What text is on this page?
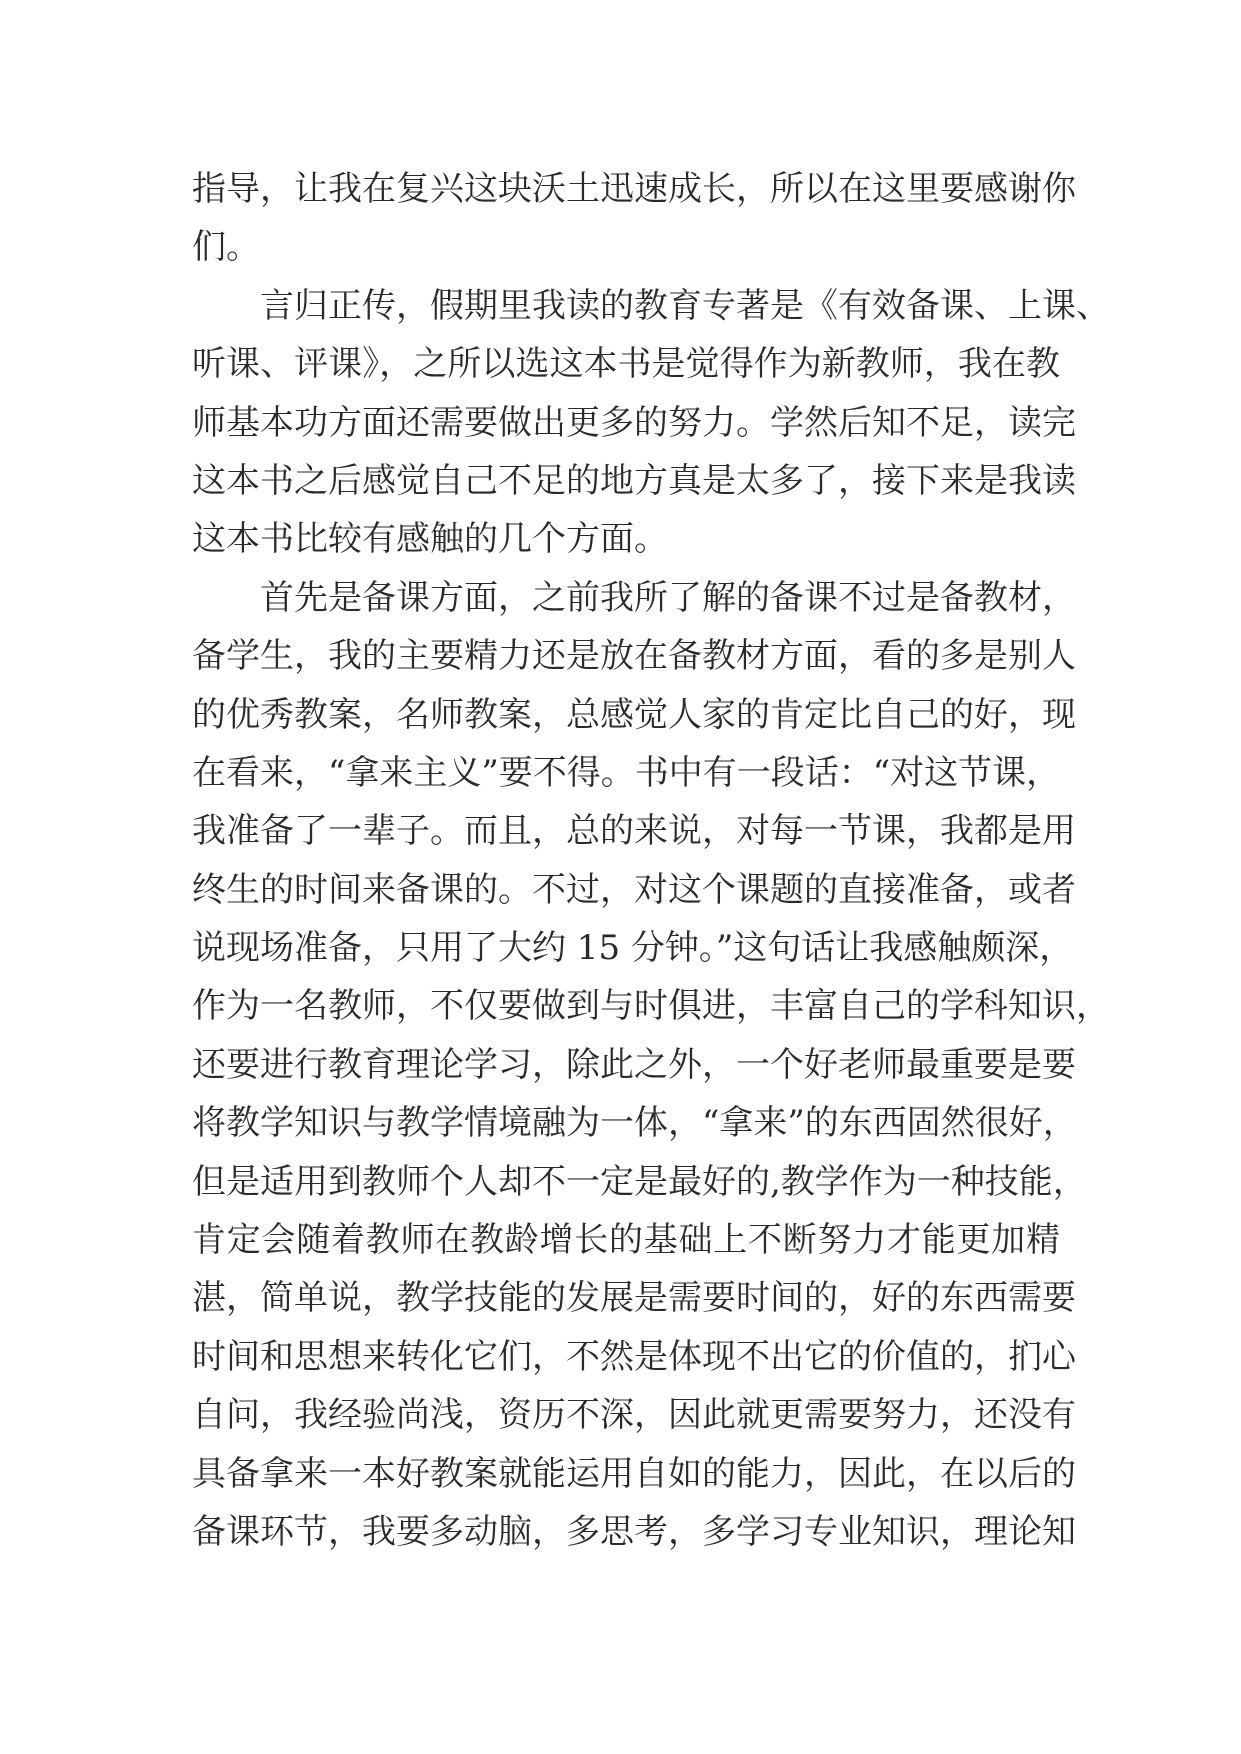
指导，让我在复兴这块沃土迅速成长，所以在这里要感谢你
们。
言归正传，假期里我读的教育专著是《有效备课、上课、
听课、评课》，之所以选这本书是觉得作为新教师，我在教
师基本功方面还需要做出更多的努力。学然后知不足，读完
这本书之后感觉自己不足的地方真是太多了，接下来是我读
这本书比较有感触的几个方面。
首先是备课方面，之前我所了解的备课不过是备教材，
备学生，我的主要精力还是放在备教材方面，看的多是别人
的优秀教案，名师教案，总感觉人家的肯定比自己的好，现
在看来，“拿来主义”要不得。书中有一段话：“对这节课，
我准备了一辈子。而且，总的来说，对每一节课，我都是用
终生的时间来备课的。不过，对这个课题的直接准备，或者
说现场准备，只用了大约 15 分钟。”这句话让我感触颇深，
作为一名教师，不仅要做到与时俱进，丰富自己的学科知识，
还要进行教育理论学习，除此之外，一个好老师最重要是要
将教学知识与教学情境融为一体，“拿来”的东西固然很好，
但是适用到教师个人却不一定是最好的,教学作为一种技能，
肯定会随着教师在教龄增长的基础上不断努力才能更加精
湛，简单说，教学技能的发展是需要时间的，好的东西需要
时间和思想来转化它们，不然是体现不出它的价值的，扪心
自问，我经验尚浅，资历不深，因此就更需要努力，还没有
具备拿来一本好教案就能运用自如的能力，因此，在以后的
备课环节，我要多动脑，多思考，多学习专业知识，理论知
